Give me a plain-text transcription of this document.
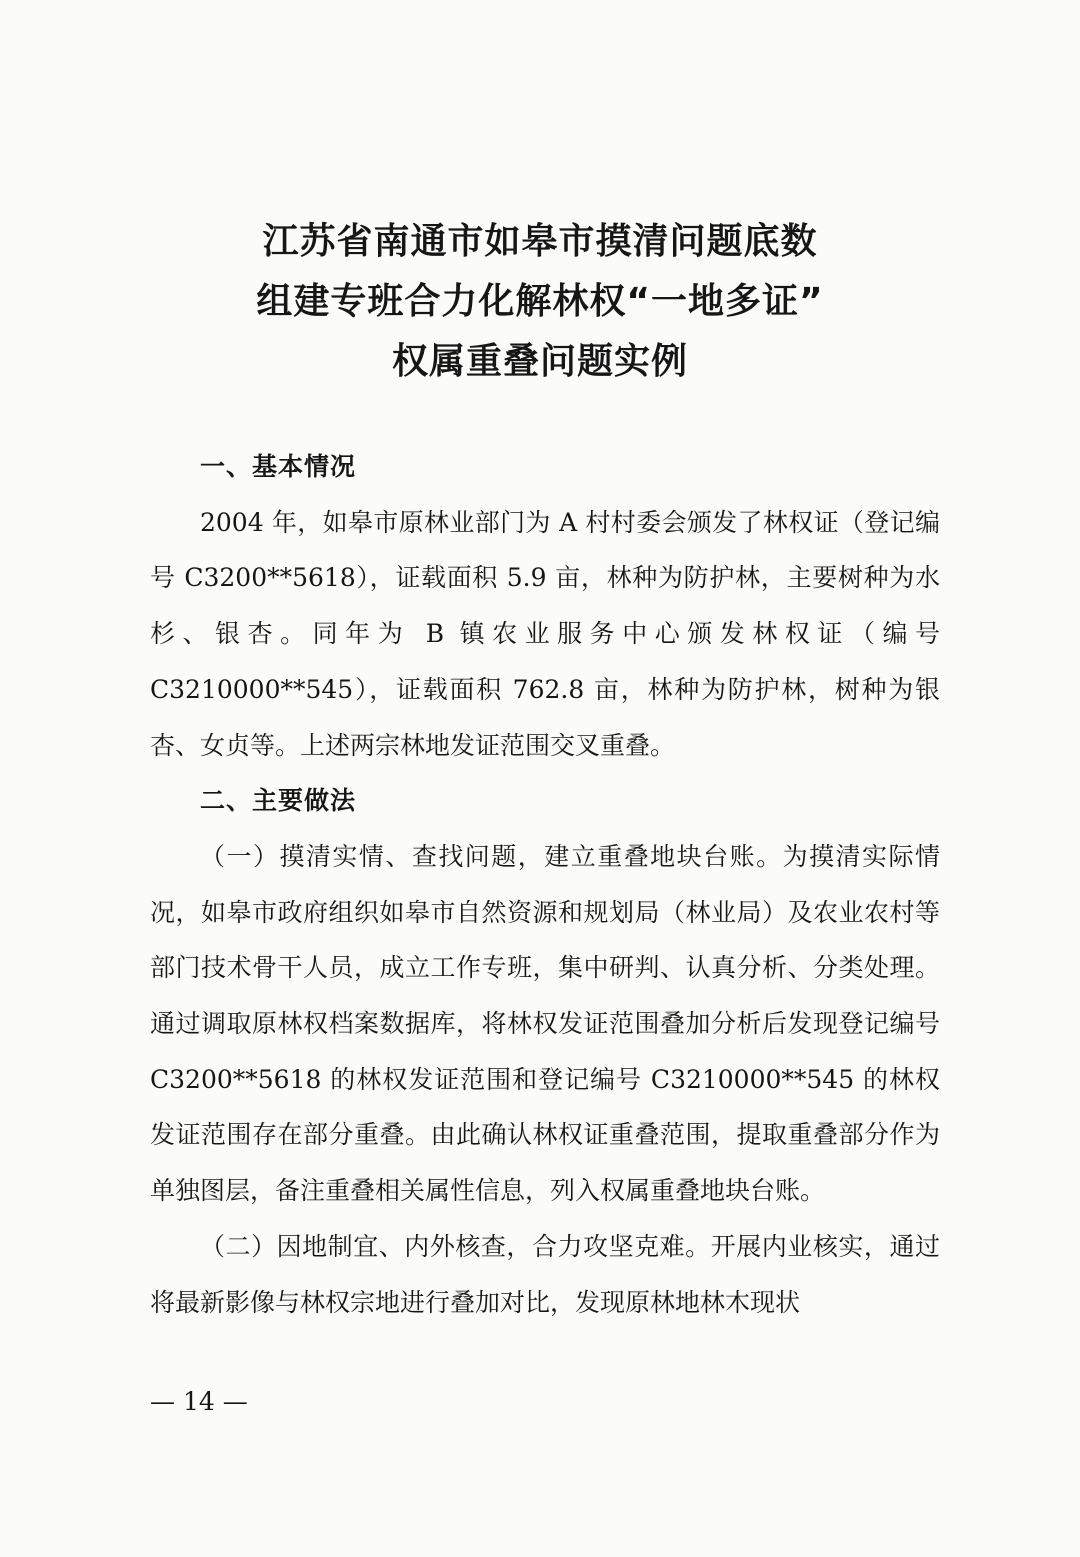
江苏省南通市如皋市摸清问题底数
组建专班合力化解林权“一地多证”
权属重叠问题实例

一、基本情况

2004 年，如皋市原林业部门为 A 村村委会颁发了林权证（登记编号 C3200**5618），证载面积 5.9 亩，林种为防护林，主要树种为水杉、银杏。同年为 B 镇农业服务中心颁发林权证（编号 C3210000**545），证载面积 762.8 亩，林种为防护林，树种为银杏、女贞等。上述两宗林地发证范围交叉重叠。

二、主要做法

（一）摸清实情、查找问题，建立重叠地块台账。为摸清实际情况，如皋市政府组织如皋市自然资源和规划局（林业局）及农业农村等部门技术骨干人员，成立工作专班，集中研判、认真分析、分类处理。通过调取原林权档案数据库，将林权发证范围叠加分析后发现登记编号 C3200**5618 的林权发证范围和登记编号 C3210000**545 的林权发证范围存在部分重叠。由此确认林权证重叠范围，提取重叠部分作为单独图层，备注重叠相关属性信息，列入权属重叠地块台账。

（二）因地制宜、内外核查，合力攻坚克难。开展内业核实，通过将最新影像与林权宗地进行叠加对比，发现原林地林木现状

— 14 —
